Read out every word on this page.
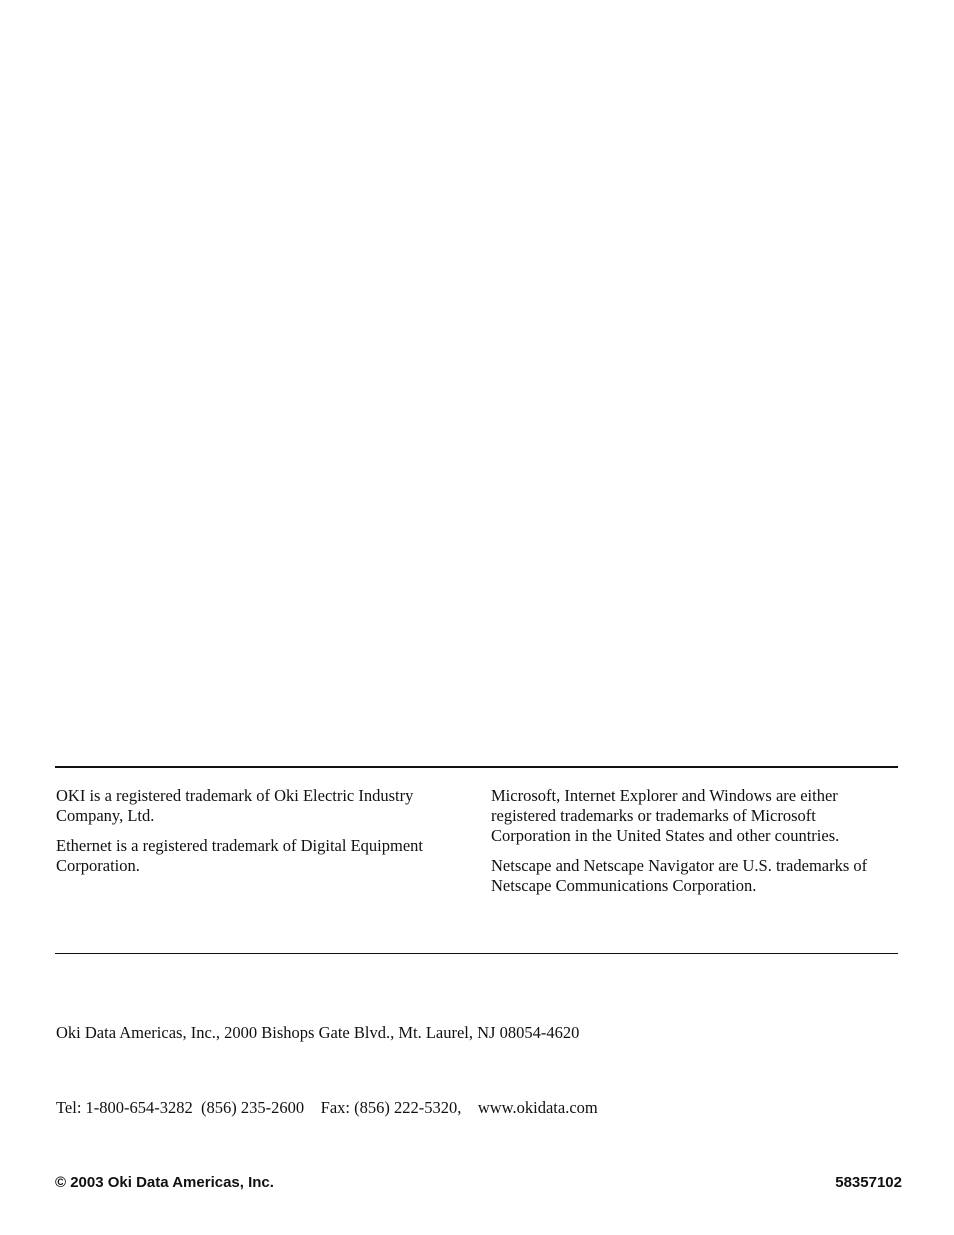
OKI is a registered trademark of Oki Electric Industry Company, Ltd.

Ethernet is a registered trademark of Digital Equipment Corporation.

Microsoft, Internet Explorer and Windows are either registered trademarks or trademarks of Microsoft Corporation in the United States and other countries.

Netscape and Netscape Navigator are U.S. trademarks of Netscape Communications Corporation.

Oki Data Americas, Inc., 2000 Bishops Gate Blvd., Mt. Laurel, NJ 08054-4620

Tel: 1-800-654-3282  (856) 235-2600    Fax: (856) 222-5320,    www.okidata.com

© 2003 Oki Data Americas, Inc.	58357102
